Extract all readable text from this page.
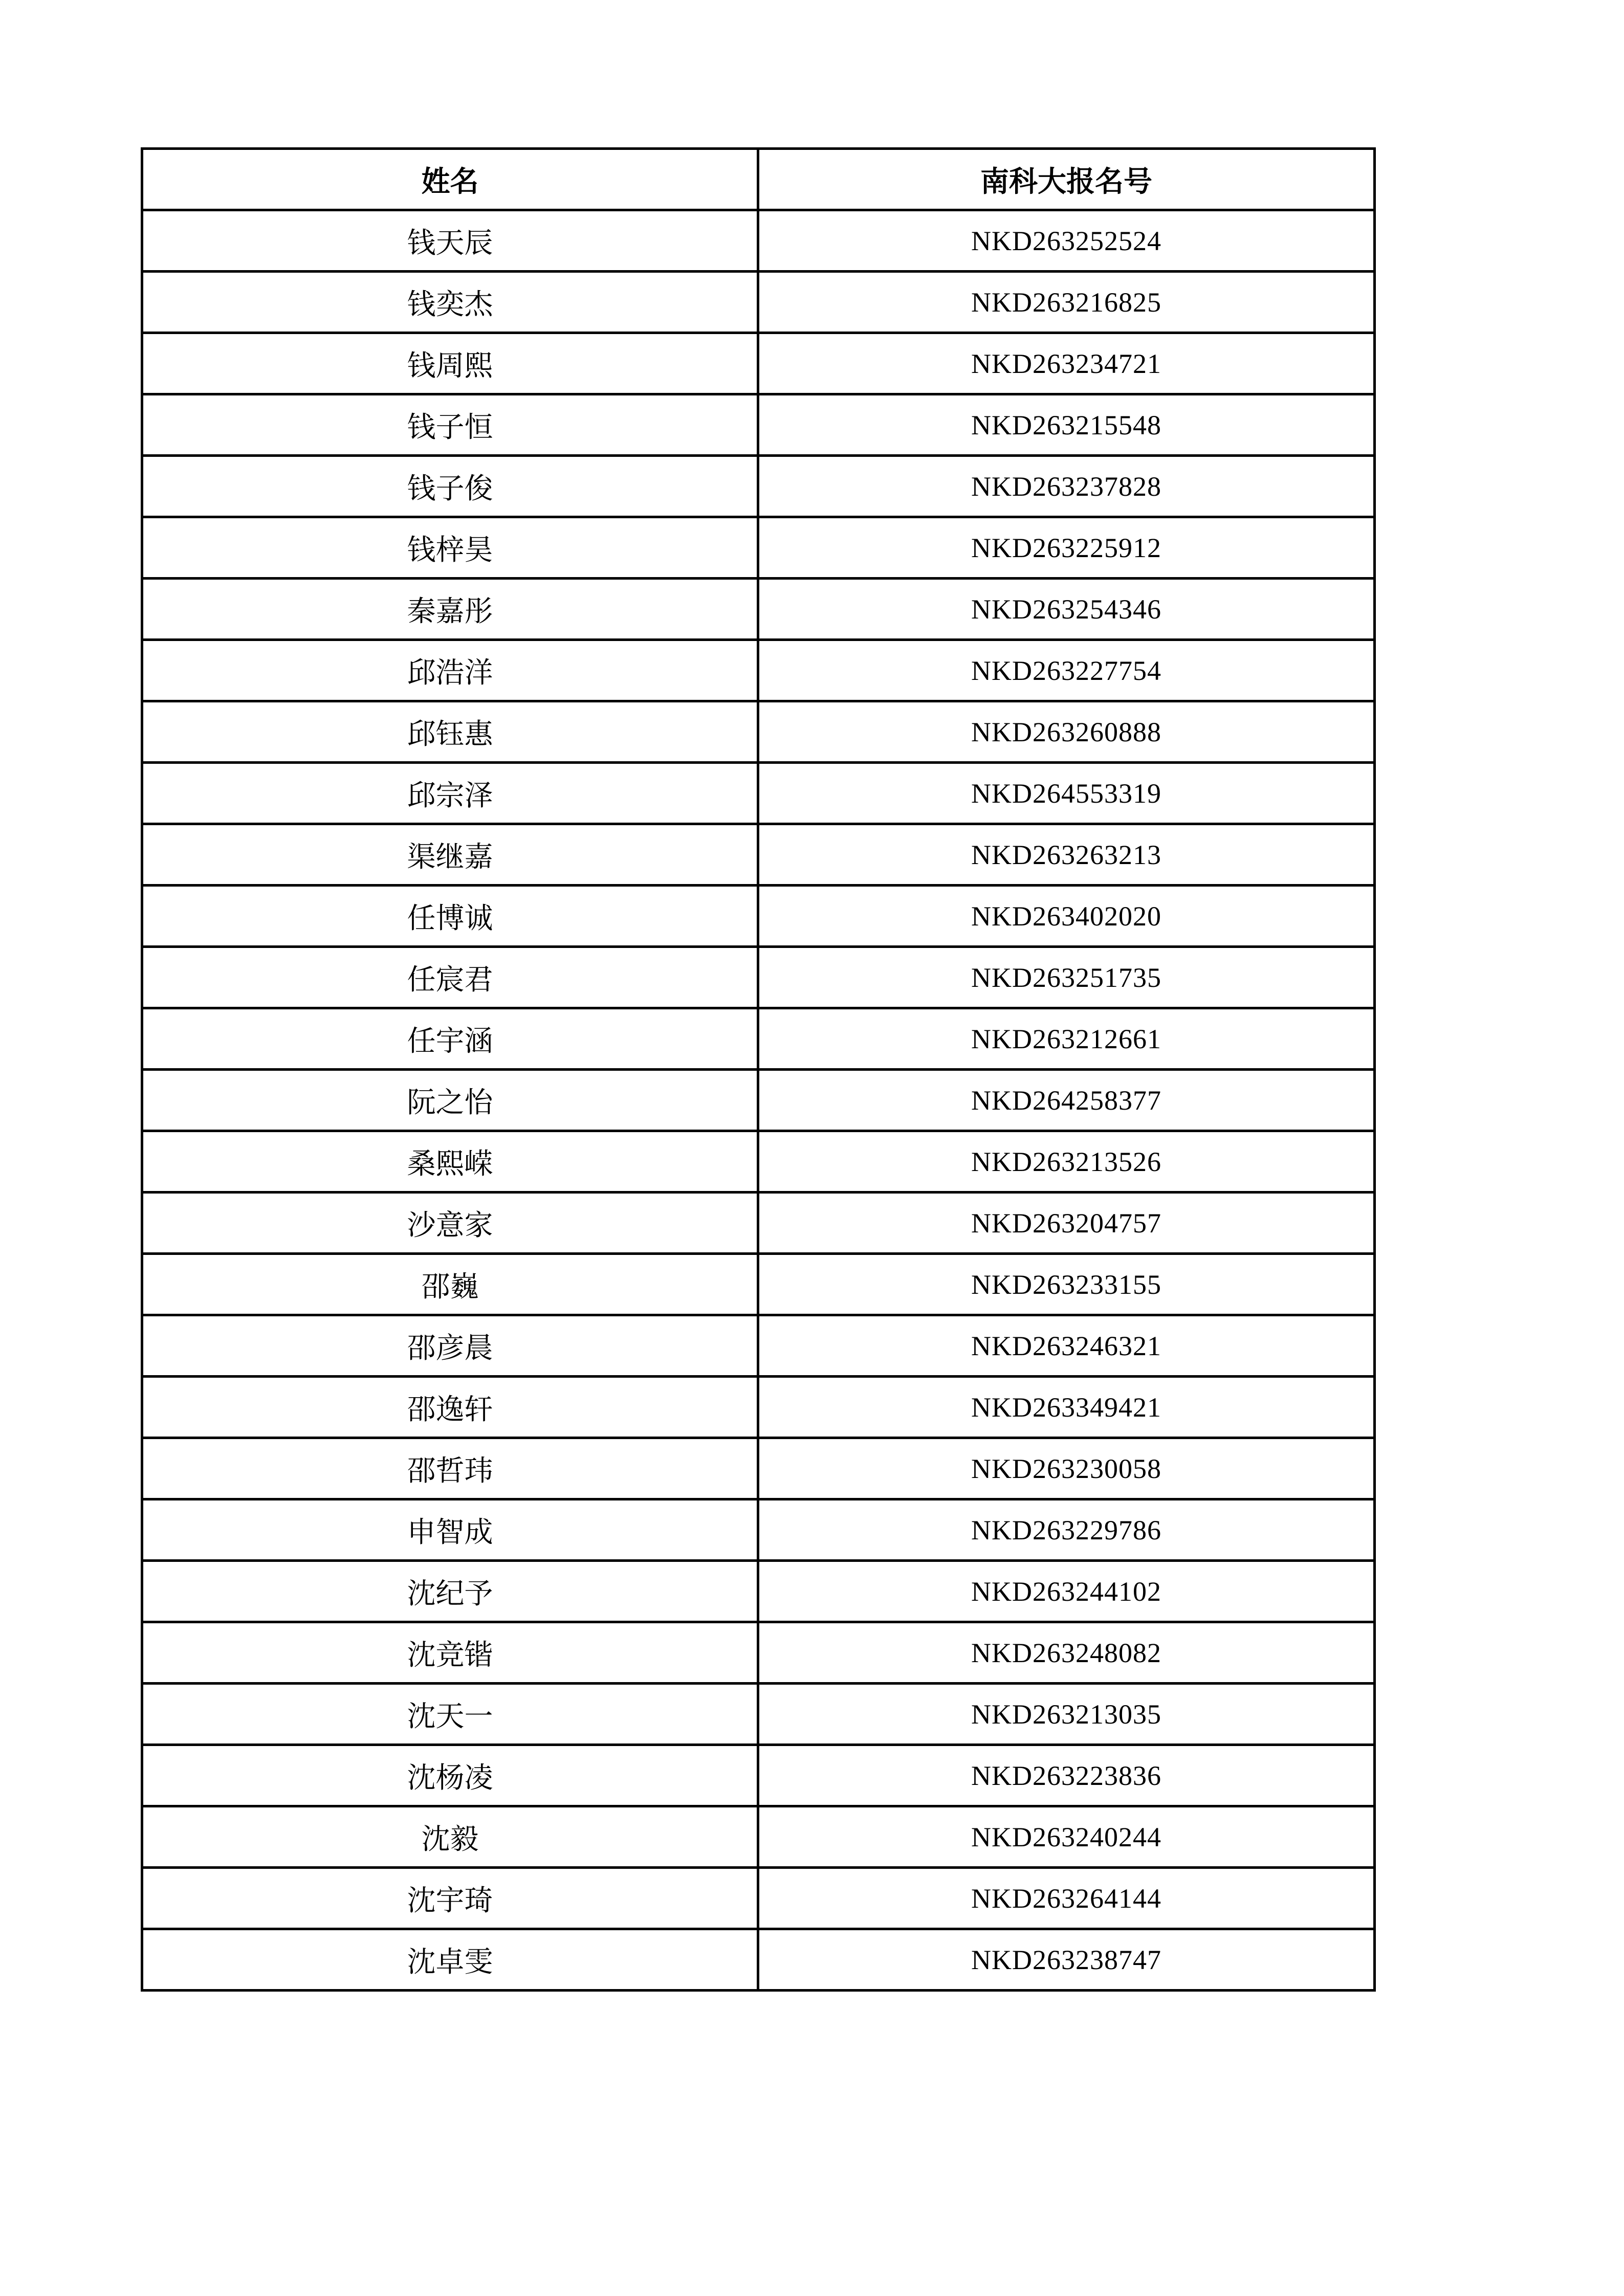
姓名	南科大报名号
钱天辰	NKD263252524
钱奕杰	NKD263216825
钱周熙	NKD263234721
钱子恒	NKD263215548
钱子俊	NKD263237828
钱梓昊	NKD263225912
秦嘉彤	NKD263254346
邱浩洋	NKD263227754
邱钰惠	NKD263260888
邱宗泽	NKD264553319
渠继嘉	NKD263263213
任博诚	NKD263402020
任宸君	NKD263251735
任宇涵	NKD263212661
阮之怡	NKD264258377
桑熙嵘	NKD263213526
沙意家	NKD263204757
邵巍	NKD263233155
邵彦晨	NKD263246321
邵逸轩	NKD263349421
邵哲玮	NKD263230058
申智成	NKD263229786
沈纪予	NKD263244102
沈竞锴	NKD263248082
沈天一	NKD263213035
沈杨凌	NKD263223836
沈毅	NKD263240244
沈宇琦	NKD263264144
沈卓雯	NKD263238747
